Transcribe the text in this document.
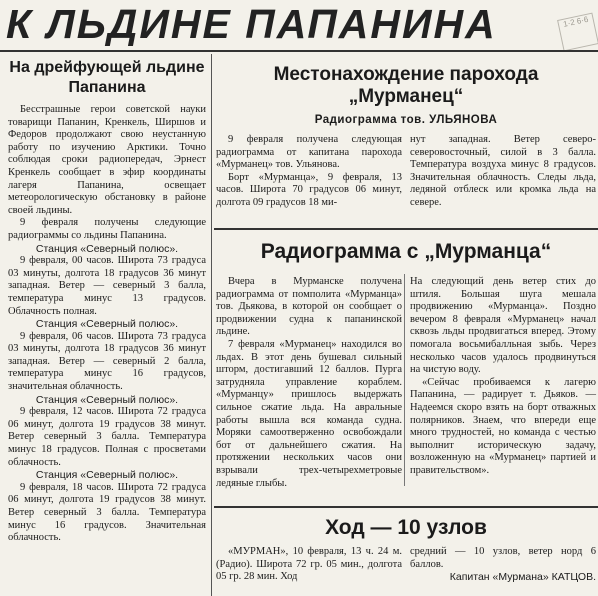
К ЛЬДИНЕ ПАПАНИНА	1·2 6·6
На дрейфующей льдине Папанина

Бесстрашные герои советской науки товарищи Папанин, Кренкель, Ширшов и Федоров продолжают свою неустанную работу по изучению Арктики. Точно соблюдая сроки радиопередач, Эрнест Кренкель сообщает в эфир координаты лагеря Папанина, освещает метеорологическую обстановку в районе своей льдины.

9 февраля получены следующие радиограммы со льдины Папанина.

Станция «Северный полюс».

9 февраля, 00 часов. Широта 73 градуса 03 минуты, долгота 18 градусов 36 минут западная. Ветер — северный 3 балла, температура минус 13 градусов. Облачность полная.

Станция «Северный полюс».

9 февраля, 06 часов. Широта 73 градуса 03 минуты, долгота 18 градусов 36 минут западная. Ветер — северный 2 балла, температура минус 16 градусов, значительная облачность.

Станция «Северный полюс».

9 февраля, 12 часов. Широта 72 градуса 06 минут, долгота 19 градусов 38 минут. Ветер северный 3 балла. Температура минус 18 градусов. Полная с просветами облачность.

Станция «Северный полюс».

9 февраля, 18 часов. Широта 72 градуса 06 минут, долгота 19 градусов 38 минут. Ветер северный 3 балла. Температура минус 16 градусов. Значительная облачность.

Местонахождение парохода „Мурманец“
Радиограмма тов. УЛЬЯНОВА

9 февраля получена следующая радиограмма от капитана парохода «Мурманец» тов. Ульянова.

Борт «Мурманца», 9 февраля, 13 часов. Широта 70 градусов 06 минут, долгота 09 градусов 18 ми-

нут западная. Ветер северо-северовосточный, силой в 3 балла. Температура воздуха минус 8 градусов. Значительная облачность. Следы льда, ледяной отблеск или кромка льда на севере.

Радиограмма с „Мурманца“

Вчера в Мурманске получена радиограмма от помполита «Мурманца» тов. Дьякова, в которой он сообщает о продвижении судна к папанинской льдине.

7 февраля «Мурманец» находился во льдах. В этот день бушевал сильный шторм, достигавший 12 баллов. Пурга затрудняла управление кораблем. «Мурманцу» пришлось выдержать сильное сжатие льда. На авральные работы вышла вся команда судна. Моряки самоотверженно освобождали бот от дальнейшего сжатия. На протяжении нескольких часов они взрывали трех-четырехметровые ледяные глыбы.

На следующий день ветер стих до штиля. Большая шуга мешала продвижению «Мурманца». Поздно вечером 8 февраля «Мурманец» начал сквозь льды продвигаться вперед. Этому помогала восьмибалльная зыбь. Через несколько часов удалось продвинуться на чистую воду.

«Сейчас пробиваемся к лагерю Папанина, — радирует т. Дьяков. — Надеемся скоро взять на борт отважных полярников. Знаем, что впереди еще много трудностей, но команда с честью выполнит историческую задачу, возложенную на «Мурманец» партией и правительством».

Ход — 10 узлов

«МУРМАН», 10 февраля, 13 ч. 24 м. (Радио). Широта 72 гр. 05 мин., долгота 05 гр. 28 мин. Ход

средний — 10 узлов, ветер норд 6 баллов.

Капитан «Мурмана» КАТЦОВ.
